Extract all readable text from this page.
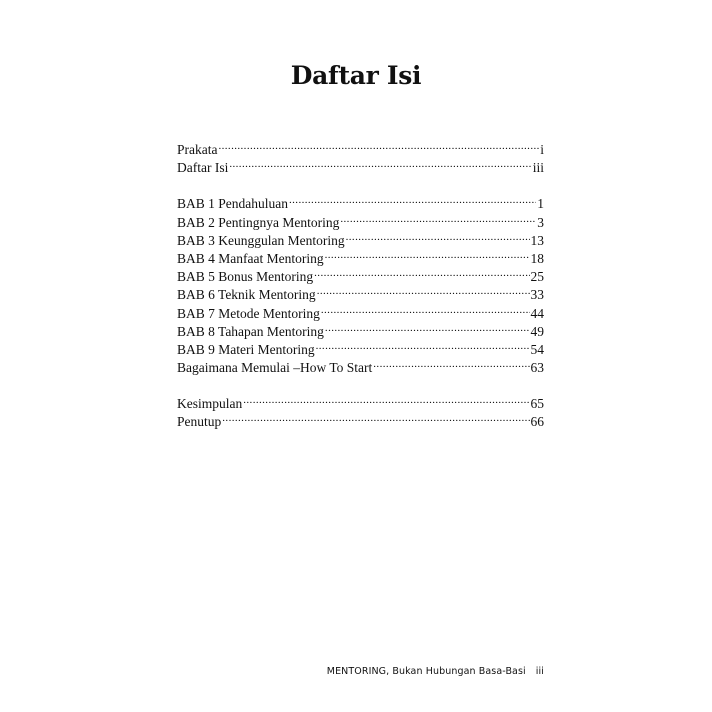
Daftar Isi
Prakata .....	i
Daftar Isi .....	iii
BAB 1 Pendahuluan .....	1
BAB 2 Pentingnya Mentoring .....	3
BAB 3 Keunggulan Mentoring .....	13
BAB 4 Manfaat Mentoring .....	18
BAB 5 Bonus Mentoring .....	25
BAB 6 Teknik Mentoring .....	33
BAB 7 Metode Mentoring .....	44
BAB 8 Tahapan Mentoring .....	49
BAB 9 Materi Mentoring .....	54
Bagaimana Memulai –How To Start .....	63
Kesimpulan .....	65
Penutup .....	66
MENTORING, Bukan Hubungan Basa-Basi iii
